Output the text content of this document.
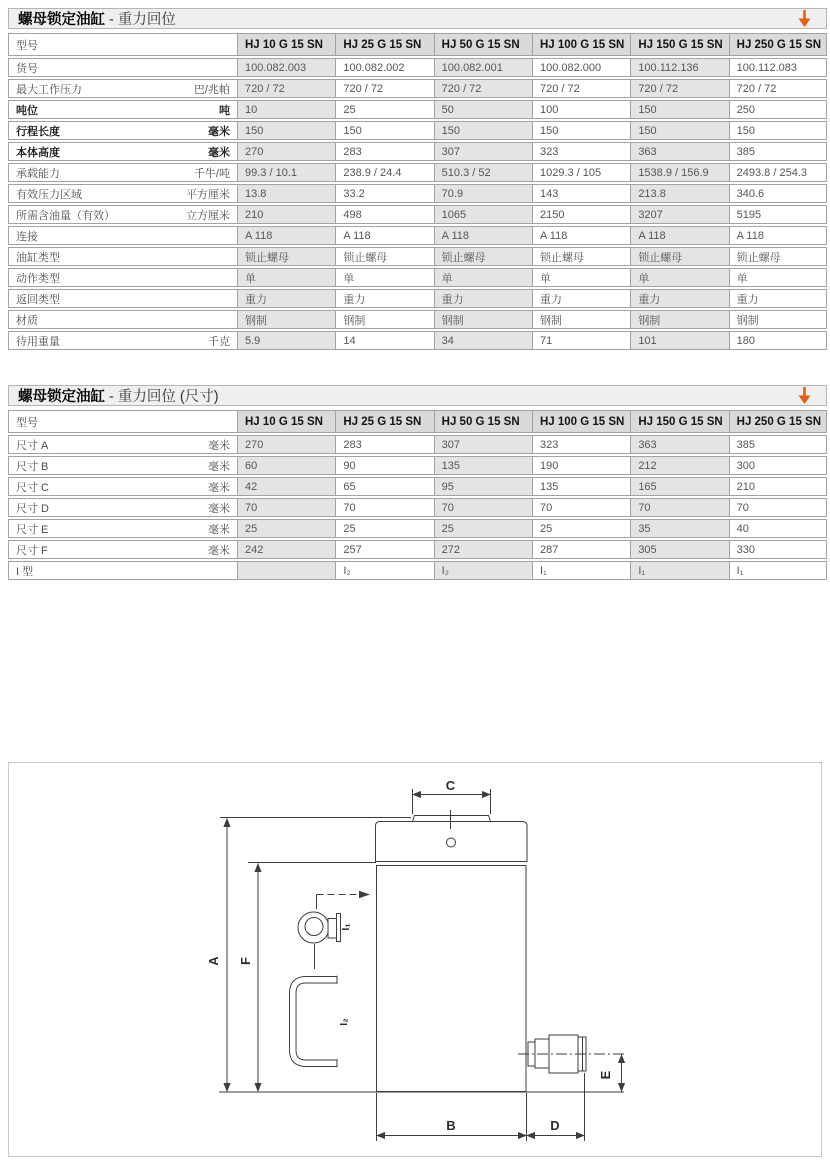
螺母锁定油缸 - 重力回位
型号	HJ 10 G 15 SN	HJ 25 G 15 SN	HJ 50 G 15 SN	HJ 100 G 15 SN	HJ 150 G 15 SN	HJ 250 G 15 SN
货号	100.082.003	100.082.002	100.082.001	100.082.000	100.112.136	100.112.083
最大工作压力 巴/兆帕	720 / 72	720 / 72	720 / 72	720 / 72	720 / 72	720 / 72
吨位 吨	10	25	50	100	150	250
行程长度 毫米	150	150	150	150	150	150
本体高度 毫米	270	283	307	323	363	385
承载能力 千牛/吨	99.3 / 10.1	238.9 / 24.4	510.3 / 52	1029.3 / 105	1538.9 / 156.9	2493.8 / 254.3
有效压力区域 平方厘米	13.8	33.2	70.9	143	213.8	340.6
所需含油量（有效） 立方厘米	210	498	1065	2150	3207	5195
连接	A 118	A 118	A 118	A 118	A 118	A 118
油缸类型	锁止螺母	锁止螺母	锁止螺母	锁止螺母	锁止螺母	锁止螺母
动作类型	单	单	单	单	单	单
返回类型	重力	重力	重力	重力	重力	重力
材质	钢制	钢制	钢制	钢制	钢制	钢制
待用重量 千克	5.9	14	34	71	101	180
螺母锁定油缸 - 重力回位 (尺寸)
型号	HJ 10 G 15 SN	HJ 25 G 15 SN	HJ 50 G 15 SN	HJ 100 G 15 SN	HJ 150 G 15 SN	HJ 250 G 15 SN
尺寸 A 毫米	270	283	307	323	363	385
尺寸 B 毫米	60	90	135	190	212	300
尺寸 C 毫米	42	65	95	135	165	210
尺寸 D 毫米	70	70	70	70	70	70
尺寸 E 毫米	25	25	25	25	35	40
尺寸 F 毫米	242	257	272	287	305	330
I 型		I₂	I₂	I₁	I₁	I₁
C
A F
E
B	D
I₁
I₂
